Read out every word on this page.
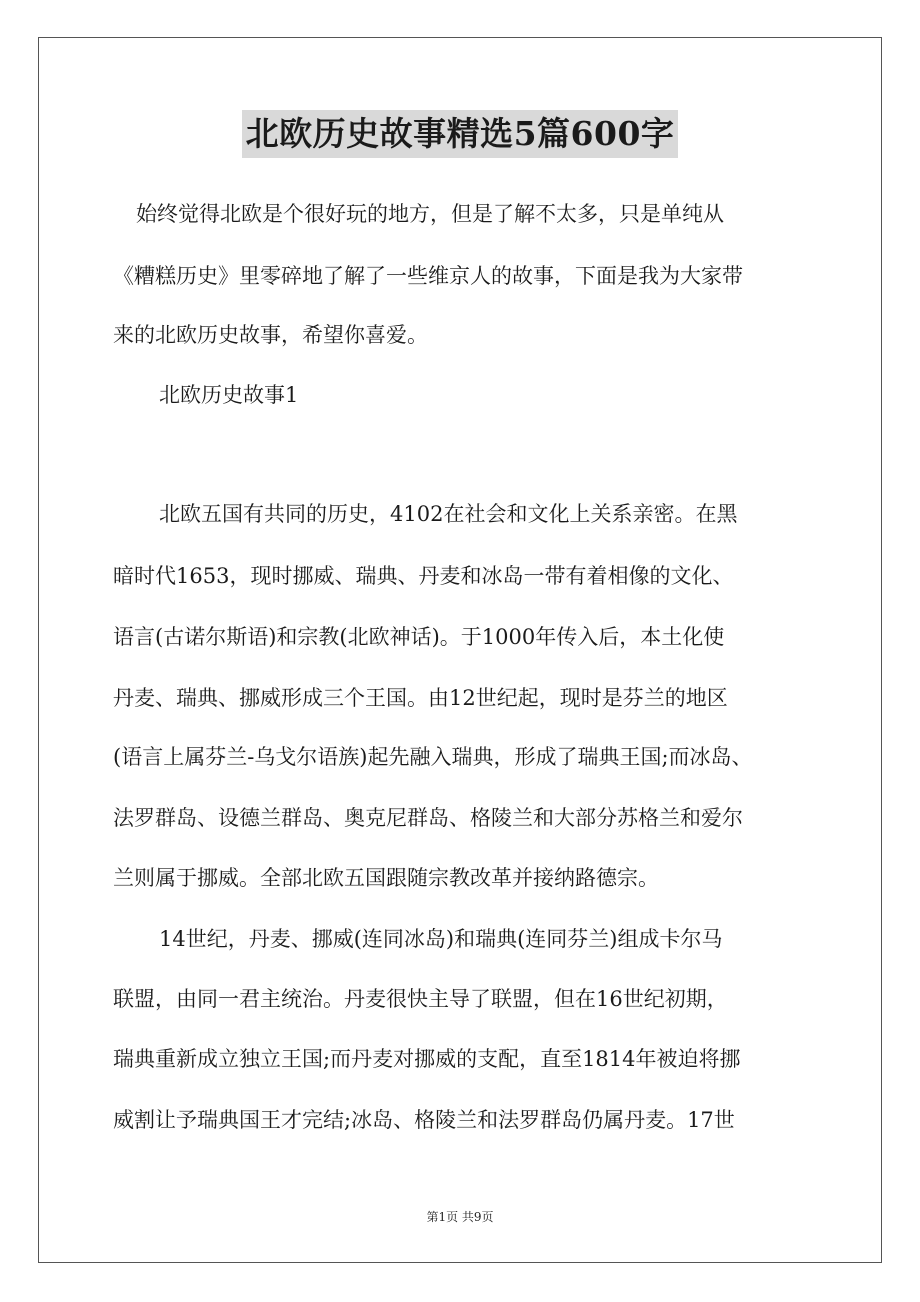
北欧历史故事精选5篇600字
始终觉得北欧是个很好玩的地方，但是了解不太多，只是单纯从
《糟糕历史》里零碎地了解了一些维京人的故事，下面是我为大家带
来的北欧历史故事，希望你喜爱。
北欧历史故事1
北欧五国有共同的历史，4102在社会和文化上关系亲密。在黑
暗时代1653，现时挪威、瑞典、丹麦和冰岛一带有着相像的文化、
语言(古诺尔斯语)和宗教(北欧神话)。于1000年传入后，本土化使
丹麦、瑞典、挪威形成三个王国。由12世纪起，现时是芬兰的地区
(语言上属芬兰-乌戈尔语族)起先融入瑞典，形成了瑞典王国;而冰岛、
法罗群岛、设德兰群岛、奥克尼群岛、格陵兰和大部分苏格兰和爱尔
兰则属于挪威。全部北欧五国跟随宗教改革并接纳路德宗。
14世纪，丹麦、挪威(连同冰岛)和瑞典(连同芬兰)组成卡尔马
联盟，由同一君主统治。丹麦很快主导了联盟，但在16世纪初期，
瑞典重新成立独立王国;而丹麦对挪威的支配，直至1814年被迫将挪
威割让予瑞典国王才完结;冰岛、格陵兰和法罗群岛仍属丹麦。17世
第1页 共9页
